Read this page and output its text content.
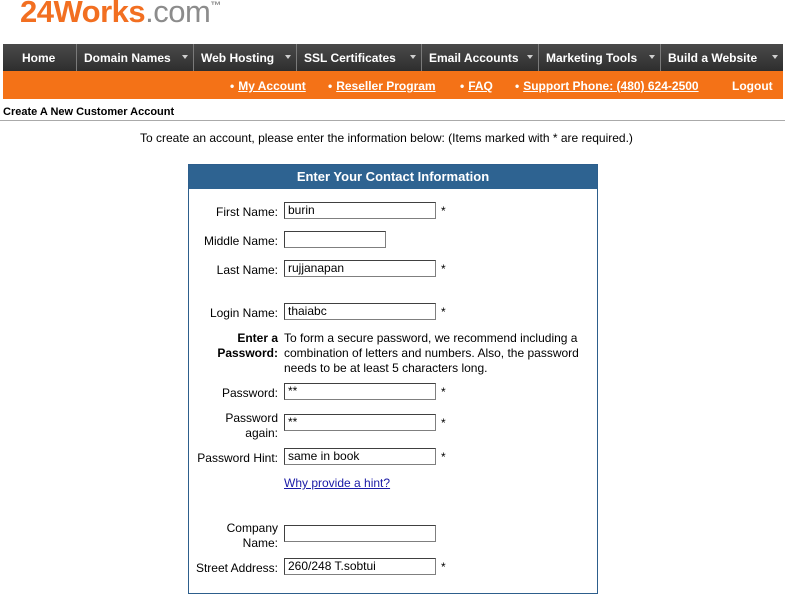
24Works.com™
Home Domain Names	Web Hosting SSL Certificates	Email Accounts Marketing Tools	Build a Website
• My Account • Reseller Program • FAQ • Support Phone: (480) 624-2500	Logout
Create A New Customer Account
To create an account, please enter the information below: (Items marked with * are required.)
Enter Your Contact Information
First Name: burin	*
Middle Name:
Last Name: rujjanapan	*
Login Name: thaiabc	*
Enter a
Password:
To form a secure password, we recommend including a combination of letters and numbers. Also, the password needs to be at least 5 characters long.
Password: **	*
Password
again:
**	*
Password Hint: same in book	*
Why provide a hint?
Company
Name:
Street Address: 260/248 T.sobtui	*
